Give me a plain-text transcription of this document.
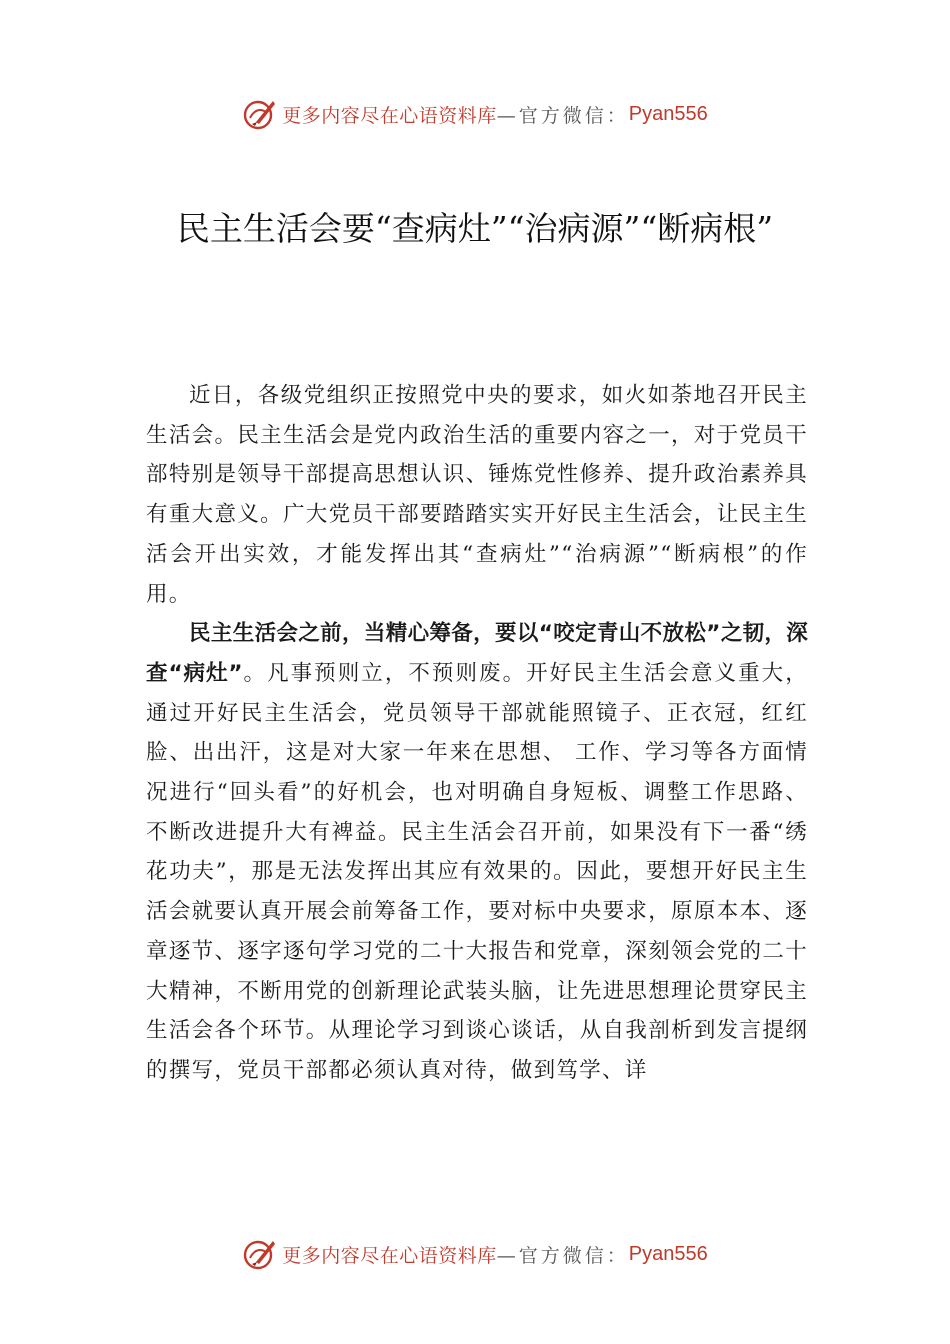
更多内容尽在心语资料库 —官方微信： Pyan556
民主生活会要“查病灶”“治病源”“断病根”

近日，各级党组织正按照党中央的要求，如火如荼地召开民主生活会。民主生活会是党内政治生活的重要内容之一，对于党员干部特别是领导干部提高思想认识、锤炼党性修养、提升政治素养具有重大意义。广大党员干部要踏踏实实开好民主生活会，让民主生活会开出实效，才能发挥出其“查病灶”“治病源”“断病根”的作用。

民主生活会之前，当精心筹备，要以“咬定青山不放松”之韧，深查“病灶”。凡事预则立，不预则废。开好民主生活会意义重大，通过开好民主生活会，党员领导干部就能照镜子、正衣冠，红红脸、出出汗，这是对大家一年来在思想、 工作、学习等各方面情况进行“回头看”的好机会，也对明确自身短板、调整工作思路、不断改进提升大有裨益。民主生活会召开前，如果没有下一番“绣花功夫”，那是无法发挥出其应有效果的。因此，要想开好民主生活会就要认真开展会前筹备工作，要对标中央要求，原原本本、逐章逐节、逐字逐句学习党的二十大报告和党章，深刻领会党的二十大精神，不断用党的创新理论武装头脑，让先进思想理论贯穿民主生活会各个环节。从理论学习到谈心谈话，从自我剖析到发言提纲的撰写，党员干部都必须认真对待，做到笃学、详

更多内容尽在心语资料库 —官方微信： Pyan556
